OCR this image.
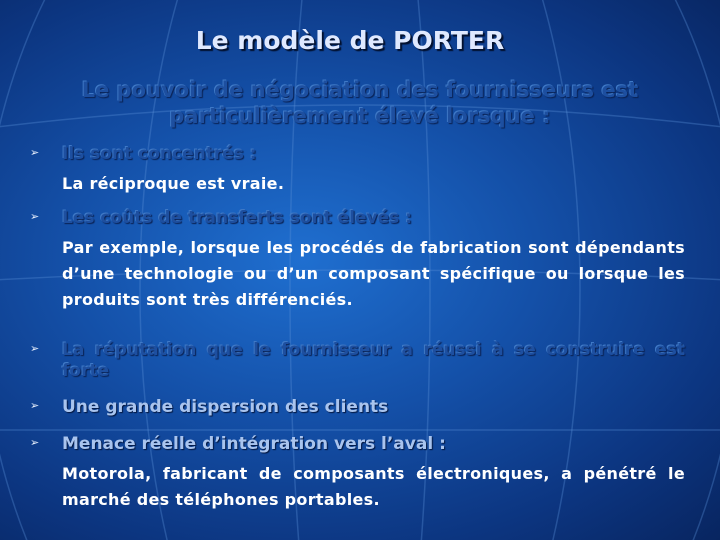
Le modèle de PORTER
Le pouvoir de négociation des fournisseurs est particulièrement élevé lorsque :
➢ Ils sont concentrés :
La réciproque est vraie.
➢ Les coûts de transferts sont élevés :
Par exemple, lorsque les procédés de fabrication sont dépendants d’une technologie ou d’un composant spécifique ou lorsque les produits sont très différenciés.
➢ La réputation que le fournisseur a réussi à se construire est forte
➢ Une grande dispersion des clients
➢ Menace réelle d’intégration vers l’aval :
Motorola, fabricant de composants électroniques, a pénétré le marché des téléphones portables.
